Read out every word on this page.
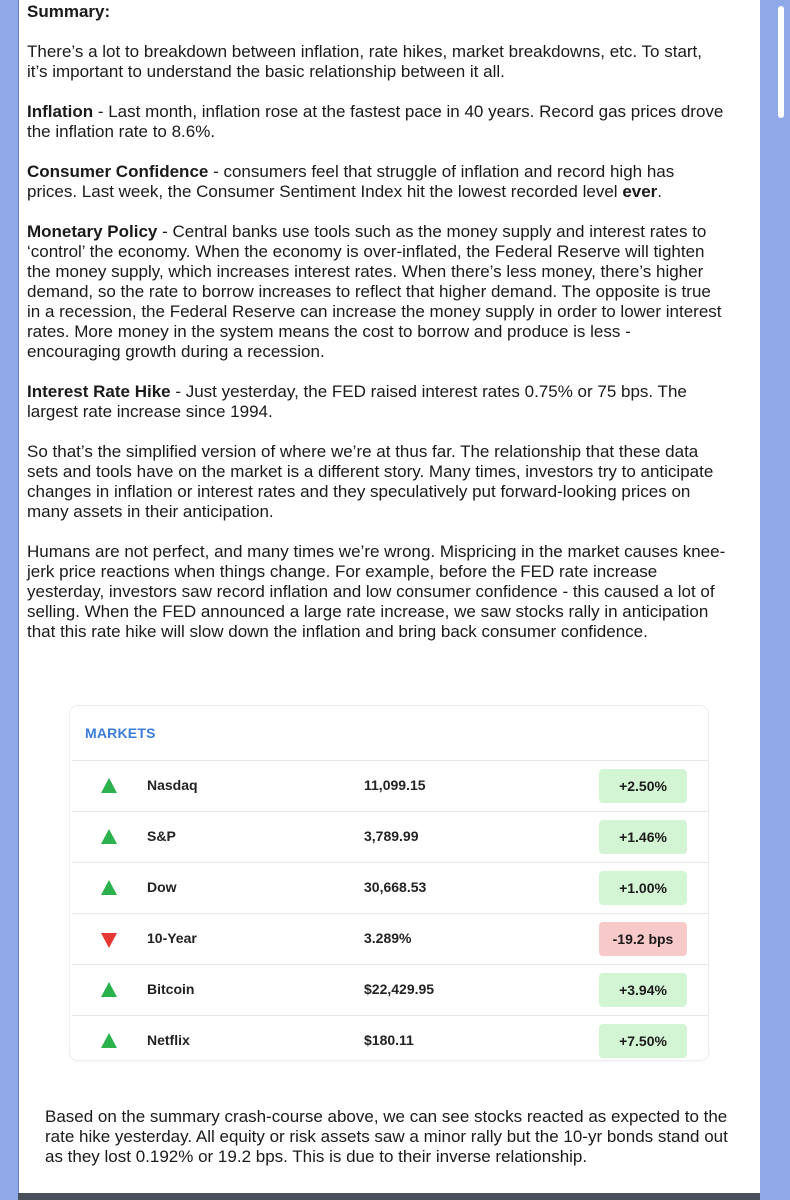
Summary:

There’s a lot to breakdown between inflation, rate hikes, market breakdowns, etc. To start, it’s important to understand the basic relationship between it all.

Inflation - Last month, inflation rose at the fastest pace in 40 years. Record gas prices drove the inflation rate to 8.6%.

Consumer Confidence - consumers feel that struggle of inflation and record high has prices. Last week, the Consumer Sentiment Index hit the lowest recorded level ever.

Monetary Policy - Central banks use tools such as the money supply and interest rates to ‘control’ the economy. When the economy is over-inflated, the Federal Reserve will tighten the money supply, which increases interest rates. When there’s less money, there’s higher demand, so the rate to borrow increases to reflect that higher demand. The opposite is true in a recession, the Federal Reserve can increase the money supply in order to lower interest rates. More money in the system means the cost to borrow and produce is less - encouraging growth during a recession.

Interest Rate Hike - Just yesterday, the FED raised interest rates 0.75% or 75 bps. The largest rate increase since 1994.

So that’s the simplified version of where we’re at thus far. The relationship that these data sets and tools have on the market is a different story. Many times, investors try to anticipate changes in inflation or interest rates and they speculatively put forward-looking prices on many assets in their anticipation.

Humans are not perfect, and many times we’re wrong. Mispricing in the market causes knee-jerk price reactions when things change. For example, before the FED rate increase yesterday, investors saw record inflation and low consumer confidence - this caused a lot of selling. When the FED announced a large rate increase, we saw stocks rally in anticipation that this rate hike will slow down the inflation and bring back consumer confidence.

MARKETS
Nasdaq	11,099.15	+2.50%
S&P	3,789.99	+1.46%
Dow	30,668.53	+1.00%
10-Year	3.289%	-19.2 bps
Bitcoin	$22,429.95	+3.94%
Netflix	$180.11	+7.50%
Based on the summary crash-course above, we can see stocks reacted as expected to the rate hike yesterday. All equity or risk assets saw a minor rally but the 10-yr bonds stand out as they lost 0.192% or 19.2 bps. This is due to their inverse relationship.
